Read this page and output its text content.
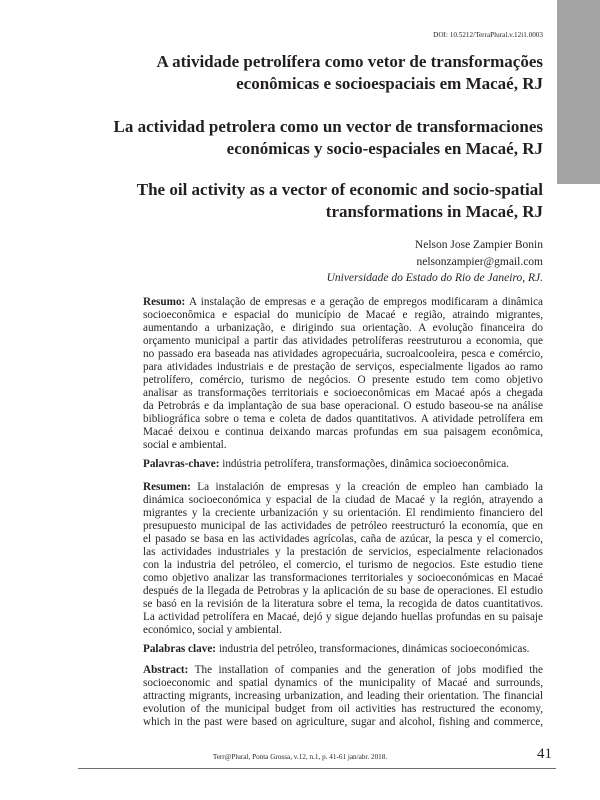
DOI: 10.5212/TerraPlural.v.12i1.0003
A atividade petrolífera como vetor de transformações
econômicas e socioespaciais em Macaé, RJ
La actividad petrolera como un vector de transformaciones
económicas y socio-espaciales en Macaé, RJ
The oil activity as a vector of economic and socio-spatial
transformations in Macaé, RJ
Nelson Jose Zampier Bonin
nelsonzampier@gmail.com
Universidade do Estado do Rio de Janeiro, RJ.
Resumo: A instalação de empresas e a geração de empregos modificaram a dinâmica
socioeconômica e espacial do município de Macaé e região, atraindo migrantes,
aumentando a urbanização, e dirigindo sua orientação. A evolução financeira do
orçamento municipal a partir das atividades petrolíferas reestruturou a economia, que
no passado era baseada nas atividades agropecuária, sucroalcooleira, pesca e comércio,
para atividades industriais e de prestação de serviços, especialmente ligados ao ramo
petrolífero, comércio, turismo de negócios. O presente estudo tem como objetivo
analisar as transformações territoriais e socioeconômicas em Macaé após a chegada
da Petrobrás e da implantação de sua base operacional. O estudo baseou-se na análise
bibliográfica sobre o tema e coleta de dados quantitativos. A atividade petrolífera em
Macaé deixou e continua deixando marcas profundas em sua paisagem econômica,
social e ambiental.
Palavras-chave: indústria petrolífera, transformações, dinâmica socioeconômica.
Resumen: La instalación de empresas y la creación de empleo han cambiado la
dinámica socioeconómica y espacial de la ciudad de Macaé y la región, atrayendo a
migrantes y la creciente urbanización y su orientación. El rendimiento financiero del
presupuesto municipal de las actividades de petróleo reestructuró la economía, que en
el pasado se basa en las actividades agrícolas, caña de azúcar, la pesca y el comercio,
las actividades industriales y la prestación de servicios, especialmente relacionados
con la industria del petróleo, el comercio, el turismo de negocios. Este estudio tiene
como objetivo analizar las transformaciones territoriales y socioeconómicas en Macaé
después de la llegada de Petrobras y la aplicación de su base de operaciones. El estudio
se basó en la revisión de la literatura sobre el tema, la recogida de datos cuantitativos.
La actividad petrolífera en Macaé, dejó y sigue dejando huellas profundas en su paisaje
económico, social y ambiental.
Palabras clave: industria del petróleo, transformaciones, dinámicas socioeconómicas.
Abstract: The installation of companies and the generation of jobs modified the
socioeconomic and spatial dynamics of the municipality of Macaé and surrounds,
attracting migrants, increasing urbanization, and leading their orientation. The financial
evolution of the municipal budget from oil activities has restructured the economy,
which in the past were based on agriculture, sugar and alcohol, fishing and commerce,
Terr@Plural, Ponta Grossa, v.12, n.1, p. 41-61 jan/abr. 2018.	41
